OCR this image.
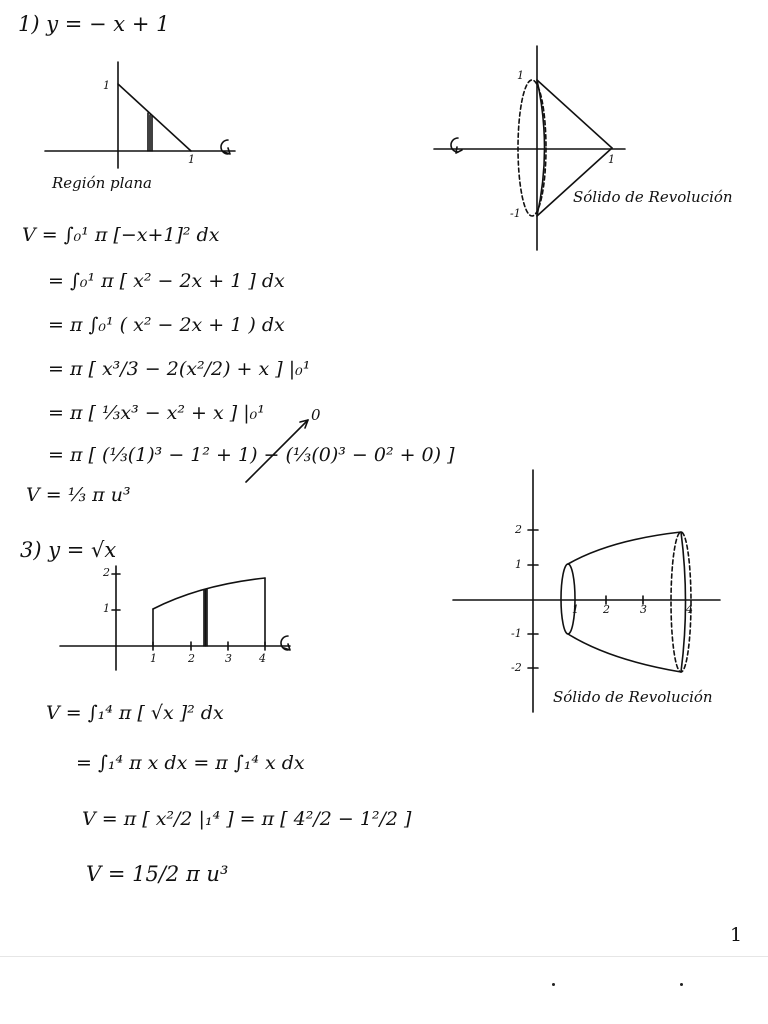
1) y = − x + 1
1
1
Región plana
1
-1
1
Sólido de Revolución
V = ∫₀¹ π [−x+1]² dx
= ∫₀¹ π [ x² − 2x + 1 ] dx
= π ∫₀¹ ( x² − 2x + 1 ) dx
= π [ x³/3 − 2(x²/2) + x ] |₀¹
= π [ ⅓x³ − x² + x ] |₀¹
= π [ (⅓(1)³ − 1² + 1) − (⅓(0)³ − 0² + 0) ]
0
V = ⅓ π u³
3) y = √x
2
1
1	2	3 4
2
1
-1
-2
1 2	3	4
Sólido de Revolución
V = ∫₁⁴ π [ √x ]² dx
= ∫₁⁴ π x dx = π ∫₁⁴ x dx
V = π [ x²/2 |₁⁴ ] = π [ 4²/2 − 1²/2 ]
V = 15/2 π u³
1
